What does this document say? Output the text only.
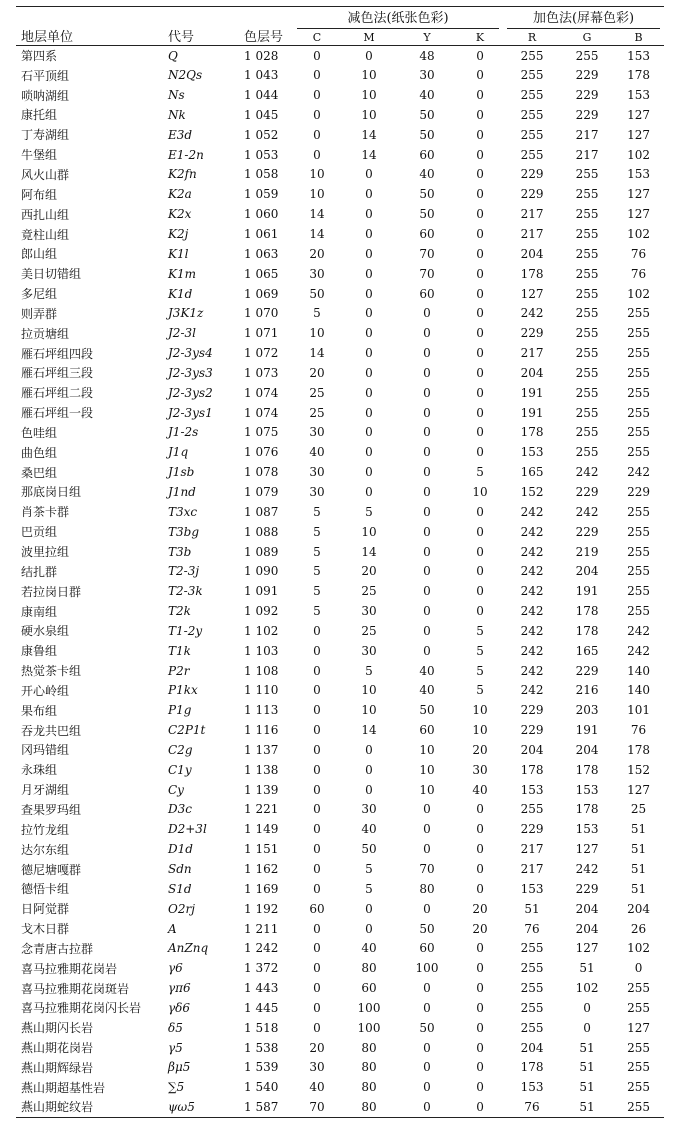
地层单位	代号	色层号	减色法(纸张色彩)				加色法(屏幕色彩)		

			C	M	Y	K	R	G	B
第四系	Q	1 028	0	0	48	0	255	255	153
石平顶组	N2Qs	1 043	0	10	30	0	255	229	178
唢呐湖组	Ns	1 044	0	10	40	0	255	229	153
康托组	Nk	1 045	0	10	50	0	255	229	127
丁寿湖组	E3d	1 052	0	14	50	0	255	217	127
牛堡组	E1-2n	1 053	0	14	60	0	255	217	102
风火山群	K2fn	1 058	10	0	40	0	229	255	153
阿布组	K2a	1 059	10	0	50	0	229	255	127
西扎山组	K2x	1 060	14	0	50	0	217	255	127
竟柱山组	K2j	1 061	14	0	60	0	217	255	102
郎山组	K1l	1 063	20	0	70	0	204	255	76
美日切错组	K1m	1 065	30	0	70	0	178	255	76
多尼组	K1d	1 069	50	0	60	0	127	255	102
则弄群	J3K1z	1 070	5	0	0	0	242	255	255
拉贡塘组	J2-3l	1 071	10	0	0	0	229	255	255
雁石坪组四段	J2-3ys4	1 072	14	0	0	0	217	255	255
雁石坪组三段	J2-3ys3	1 073	20	0	0	0	204	255	255
雁石坪组二段	J2-3ys2	1 074	25	0	0	0	191	255	255
雁石坪组一段	J2-3ys1	1 074	25	0	0	0	191	255	255
色哇组	J1-2s	1 075	30	0	0	0	178	255	255
曲色组	J1q	1 076	40	0	0	0	153	255	255
桑巴组	J1sb	1 078	30	0	0	5	165	242	242
那底岗日组	J1nd	1 079	30	0	0	10	152	229	229
肖茶卡群	T3xc	1 087	5	5	0	0	242	242	255
巴贡组	T3bg	1 088	5	10	0	0	242	229	255
波里拉组	T3b	1 089	5	14	0	0	242	219	255
结扎群	T2-3j	1 090	5	20	0	0	242	204	255
若拉岗日群	T2-3k	1 091	5	25	0	0	242	191	255
康南组	T2k	1 092	5	30	0	0	242	178	255
硬水泉组	T1-2y	1 102	0	25	0	5	242	178	242
康鲁组	T1k	1 103	0	30	0	5	242	165	242
热觉茶卡组	P2r	1 108	0	5	40	5	242	229	140
开心岭组	P1kx	1 110	0	10	40	5	242	216	140
果布组	P1g	1 113	0	10	50	10	229	203	101
吞龙共巴组	C2P1t	1 116	0	14	60	10	229	191	76
冈玛错组	C2g	1 137	0	0	10	20	204	204	178
永珠组	C1y	1 138	0	0	10	30	178	178	152
月牙湖组	Cy	1 139	0	0	10	40	153	153	127
查果罗玛组	D3c	1 221	0	30	0	0	255	178	25
拉竹龙组	D2+3l	1 149	0	40	0	0	229	153	51
达尔东组	D1d	1 151	0	50	0	0	217	127	51
德尼塘嘎群	Sdn	1 162	0	5	70	0	217	242	51
德悟卡组	S1d	1 169	0	5	80	0	153	229	51
日阿觉群	O2rj	1 192	60	0	0	20	51	204	204
戈木日群	A	1 211	0	0	50	20	76	204	26
念青唐古拉群	AnZnq	1 242	0	40	60	0	255	127	102
喜马拉雅期花岗岩	γ6	1 372	0	80	100	0	255	51	0
喜马拉雅期花岗斑岩	γπ6	1 443	0	60	0	0	255	102	255
喜马拉雅期花岗闪长岩	γδ6	1 445	0	100	0	0	255	0	255
燕山期闪长岩	δ5	1 518	0	100	50	0	255	0	127
燕山期花岗岩	γ5	1 538	20	80	0	0	204	51	255
燕山期辉绿岩	βμ5	1 539	30	80	0	0	178	51	255
燕山期超基性岩	∑5	1 540	40	80	0	0	153	51	255
燕山期蛇纹岩	ψω5	1 587	70	80	0	0	76	51	255
